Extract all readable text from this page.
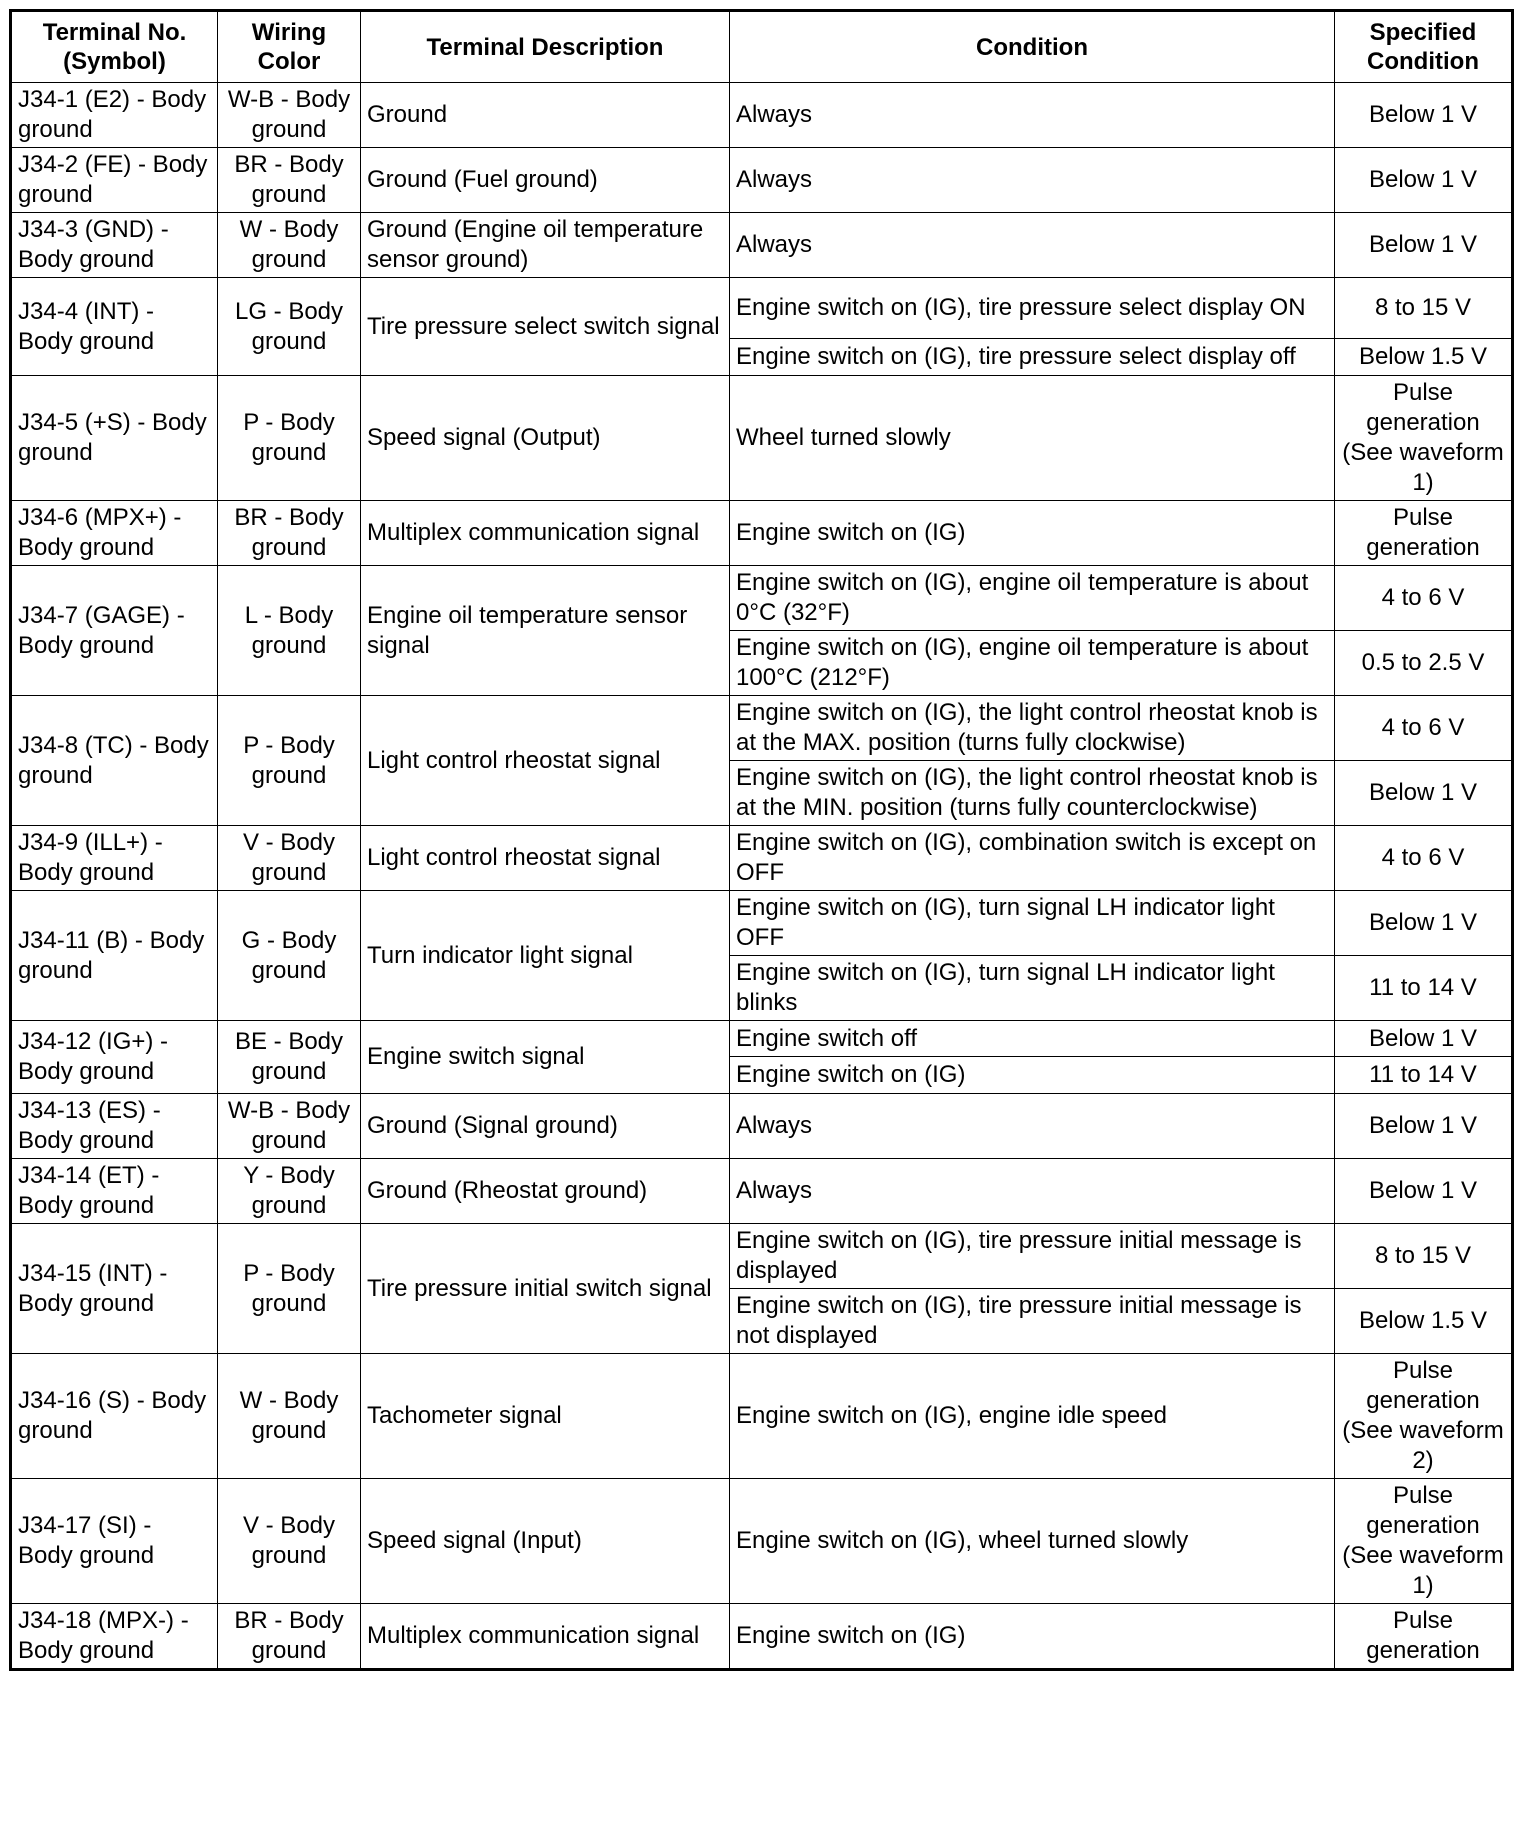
Terminal No. (Symbol)	Wiring Color	Terminal Description	Condition	Specified Condition
J34-1 (E2) - Body ground	W-B - Body ground	Ground	Always	Below 1 V
J34-2 (FE) - Body ground	BR - Body ground	Ground (Fuel ground)	Always	Below 1 V
J34-3 (GND) - Body ground	W - Body ground	Ground (Engine oil temperature sensor ground)	Always	Below 1 V
J34-4 (INT) - Body ground	LG - Body ground	Tire pressure select switch signal	Engine switch on (IG), tire pressure select display ON	8 to 15 V
			Engine switch on (IG), tire pressure select display off	Below 1.5 V
J34-5 (+S) - Body ground	P - Body ground	Speed signal (Output)	Wheel turned slowly	Pulse generation (See waveform 1)
J34-6 (MPX+) - Body ground	BR - Body ground	Multiplex communication signal	Engine switch on (IG)	Pulse generation
J34-7 (GAGE) - Body ground	L - Body ground	Engine oil temperature sensor signal	Engine switch on (IG), engine oil temperature is about 0°C (32°F)	4 to 6 V
			Engine switch on (IG), engine oil temperature is about 100°C (212°F)	0.5 to 2.5 V
J34-8 (TC) - Body ground	P - Body ground	Light control rheostat signal	Engine switch on (IG), the light control rheostat knob is at the MAX. position (turns fully clockwise)	4 to 6 V
			Engine switch on (IG), the light control rheostat knob is at the MIN. position (turns fully counterclockwise)	Below 1 V
J34-9 (ILL+) - Body ground	V - Body ground	Light control rheostat signal	Engine switch on (IG), combination switch is except on OFF	4 to 6 V
J34-11 (B) - Body ground	G - Body ground	Turn indicator light signal	Engine switch on (IG), turn signal LH indicator light OFF	Below 1 V
			Engine switch on (IG), turn signal LH indicator light blinks	11 to 14 V
J34-12 (IG+) - Body ground	BE - Body ground	Engine switch signal	Engine switch off	Below 1 V
			Engine switch on (IG)	11 to 14 V
J34-13 (ES) - Body ground	W-B - Body ground	Ground (Signal ground)	Always	Below 1 V
J34-14 (ET) - Body ground	Y - Body ground	Ground (Rheostat ground)	Always	Below 1 V
J34-15 (INT) - Body ground	P - Body ground	Tire pressure initial switch signal	Engine switch on (IG), tire pressure initial message is displayed	8 to 15 V
			Engine switch on (IG), tire pressure initial message is not displayed	Below 1.5 V
J34-16 (S) - Body ground	W - Body ground	Tachometer signal	Engine switch on (IG), engine idle speed	Pulse generation (See waveform 2)
J34-17 (SI) - Body ground	V - Body ground	Speed signal (Input)	Engine switch on (IG), wheel turned slowly	Pulse generation (See waveform 1)
J34-18 (MPX-) - Body ground	BR - Body ground	Multiplex communication signal	Engine switch on (IG)	Pulse generation
